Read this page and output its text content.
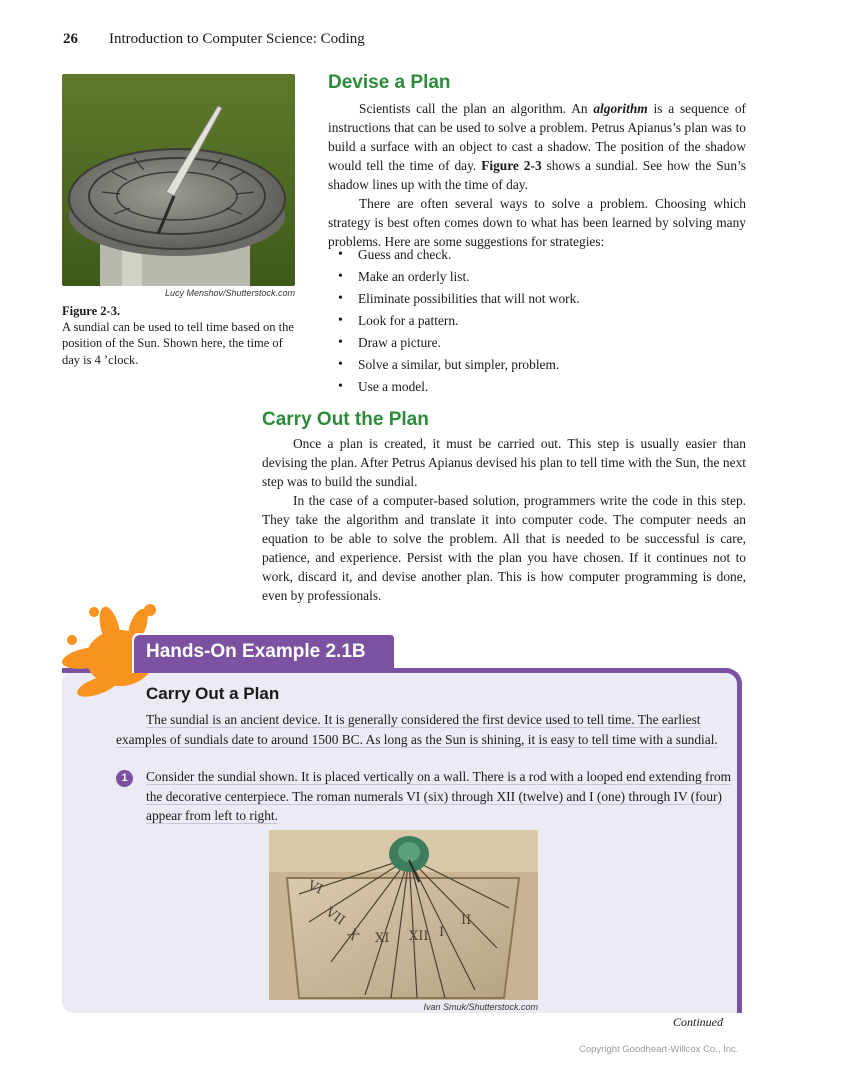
26 Introduction to Computer Science: Coding
Lucy Menshov/Shutterstock.com
Figure 2-3.
A sundial can be used to tell time based on the position of the Sun. Shown here, the time of day is 4 ’clock.
Devise a Plan
Scientists call the plan an algorithm. An algorithm is a sequence of instructions that can be used to solve a problem. Petrus Apianus’s plan was to build a surface with an object to cast a shadow. The position of the shadow would tell the time of day. Figure 2-3 shows a sundial. See how the Sun’s shadow lines up with the time of day.
There are often several ways to solve a problem. Choosing which strategy is best often comes down to what has been learned by solving many problems. Here are some suggestions for strategies:
• Guess and check.
• Make an orderly list.
• Eliminate possibilities that will not work.
• Look for a pattern.
• Draw a picture.
• Solve a similar, but simpler, problem.
• Use a model.
Carry Out the Plan
Once a plan is created, it must be carried out. This step is usually easier than devising the plan. After Petrus Apianus devised his plan to tell time with the Sun, the next step was to build the sundial.
In the case of a computer-based solution, programmers write the code in this step. They take the algorithm and translate it into computer code. The computer needs an equation to be able to solve the problem. All that is needed to be successful is care, patience, and experience. Persist with the plan you have chosen. If it continues not to work, discard it, and devise another plan. This is how computer programming is done, even by professionals.
Hands-On Example 2.1B
Carry Out a Plan
The sundial is an ancient device. It is generally considered the first device used to tell time. The earliest examples of sundials date to around 1500 BC. As long as the Sun is shining, it is easy to tell time with a sundial.
1	Consider the sundial shown. It is placed vertically on a wall. There is a rod with a looped end extending from the decorative centerpiece. The roman numerals VI (six) through XII (twelve) and I (one) through IV (four) appear from left to right.
VI
VII
X XI XII I
II
Ivan Smuk/Shutterstock.com
Continued
Copyright Goodheart-Willcox Co., Inc.
